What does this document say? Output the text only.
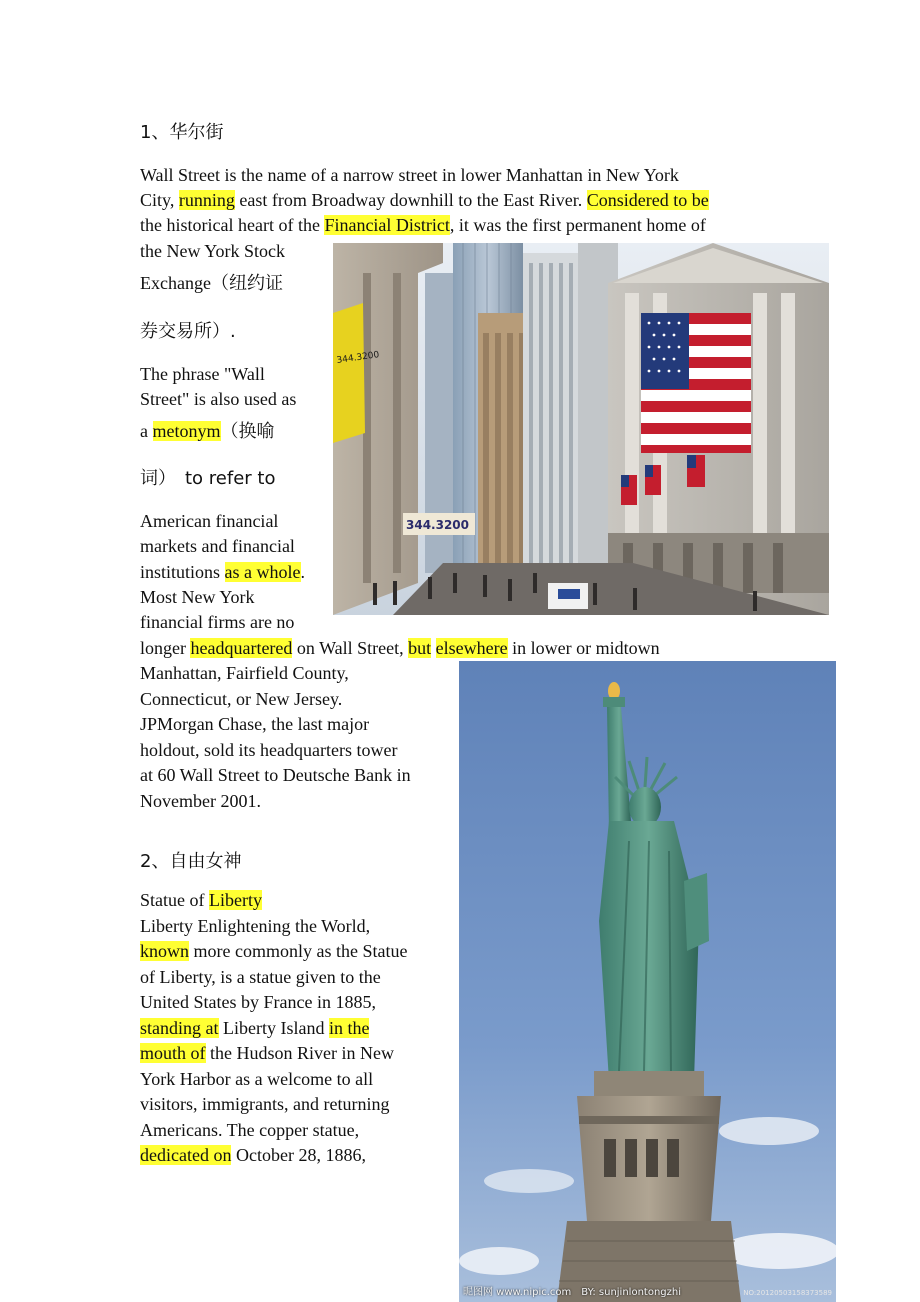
1、华尔街
Wall Street is the name of a narrow street in lower Manhattan in New York
City, running east from Broadway downhill to the East River. Considered to be
the historical heart of the Financial District, it was the first permanent home of
the New York Stock
Exchange（纽约证
券交易所）.
The phrase "Wall
Street" is also used as
a metonym（换喻
词）　to refer to
American financial
markets and financial
institutions as a whole.
Most New York
financial firms are no
longer headquartered on Wall Street, but elsewhere in lower or midtown
Manhattan, Fairfield County,
Connecticut, or New Jersey.
JPMorgan Chase, the last major
holdout, sold its headquarters tower
at 60 Wall Street to Deutsche Bank in
November 2001.
344.3200
344.3200
2、自由女神
Statue of Liberty
Liberty Enlightening the World,
known more commonly as the Statue
of Liberty, is a statue given to the
United States by France in 1885,
standing at Liberty Island in the
mouth of the Hudson River in New
York Harbor as a welcome to all
visitors, immigrants, and returning
Americans. The copper statue,
dedicated on October 28, 1886,
昵图网 www.nipic.com　BY: sunjinlontongzhi	NO:20120503158373589
